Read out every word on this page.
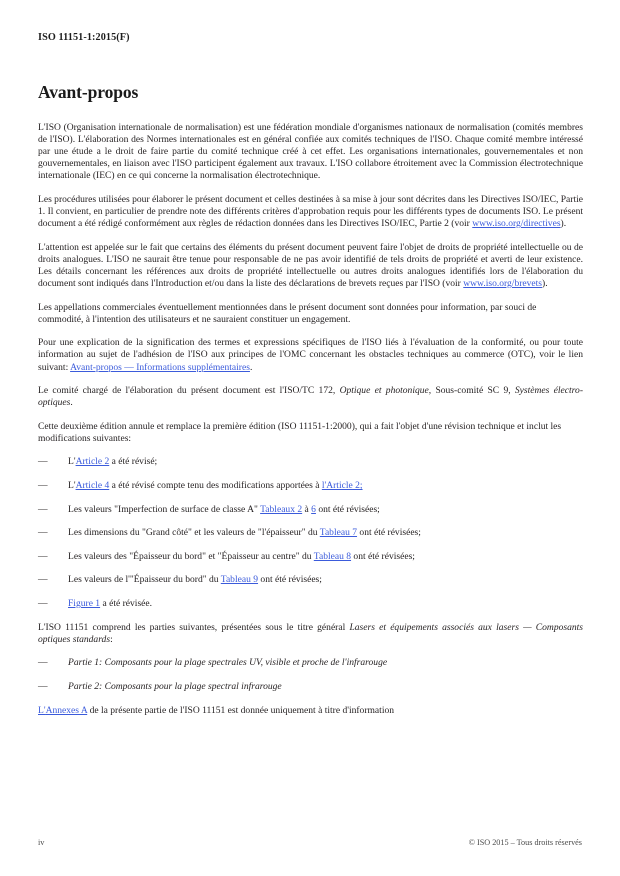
ISO 11151-1:2015(F)
Avant-propos

L'ISO (Organisation internationale de normalisation) est une fédération mondiale d'organismes nationaux de normalisation (comités membres de l'ISO). L'élaboration des Normes internationales est en général confiée aux comités techniques de l'ISO. Chaque comité membre intéressé par une étude a le droit de faire partie du comité technique créé à cet effet. Les organisations internationales, gouvernementales et non gouvernementales, en liaison avec l'ISO participent également aux travaux. L'ISO collabore étroitement avec la Commission électrotechnique internationale (IEC) en ce qui concerne la normalisation électrotechnique.

Les procédures utilisées pour élaborer le présent document et celles destinées à sa mise à jour sont décrites dans les Directives ISO/IEC, Partie 1. Il convient, en particulier de prendre note des différents critères d'approbation requis pour les différents types de documents ISO. Le présent document a été rédigé conformément aux règles de rédaction données dans les Directives ISO/IEC, Partie 2 (voir www.iso.org/directives).

L'attention est appelée sur le fait que certains des éléments du présent document peuvent faire l'objet de droits de propriété intellectuelle ou de droits analogues. L'ISO ne saurait être tenue pour responsable de ne pas avoir identifié de tels droits de propriété et averti de leur existence. Les détails concernant les références aux droits de propriété intellectuelle ou autres droits analogues identifiés lors de l'élaboration du document sont indiqués dans l'Introduction et/ou dans la liste des déclarations de brevets reçues par l'ISO (voir www.iso.org/brevets).

Les appellations commerciales éventuellement mentionnées dans le présent document sont données pour information, par souci de commodité, à l'intention des utilisateurs et ne sauraient constituer un engagement.

Pour une explication de la signification des termes et expressions spécifiques de l'ISO liés à l'évaluation de la conformité, ou pour toute information au sujet de l'adhésion de l'ISO aux principes de l'OMC concernant les obstacles techniques au commerce (OTC), voir le lien suivant: Avant-propos — Informations supplémentaires.

Le comité chargé de l'élaboration du présent document est l'ISO/TC 172, Optique et photonique, Sous-comité SC 9, Systèmes électro-optiques.

Cette deuxième édition annule et remplace la première édition (ISO 11151-1:2000), qui a fait l'objet d'une révision technique et inclut les modifications suivantes:

—	L'Article 2 a été révisé;
—	L'Article 4 a été révisé compte tenu des modifications apportées à l'Article 2;
—	Les valeurs "Imperfection de surface de classe A" Tableaux 2 à 6 ont été révisées;
—	Les dimensions du "Grand côté" et les valeurs de "l'épaisseur" du Tableau 7 ont été révisées;
—	Les valeurs des "Épaisseur du bord" et "Épaisseur au centre" du Tableau 8 ont été révisées;
—	Les valeurs de l'"Épaisseur du bord" du Tableau 9 ont été révisées;
—	Figure 1 a été révisée.

L'ISO 11151 comprend les parties suivantes, présentées sous le titre général Lasers et équipements associés aux lasers — Composants optiques standards:

—	Partie 1: Composants pour la plage spectrales UV, visible et proche de l'infrarouge
—	Partie 2: Composants pour la plage spectral infrarouge

L'Annexes A de la présente partie de l'ISO 11151 est donnée uniquement à titre d'information

iv	© ISO 2015 – Tous droits réservés
